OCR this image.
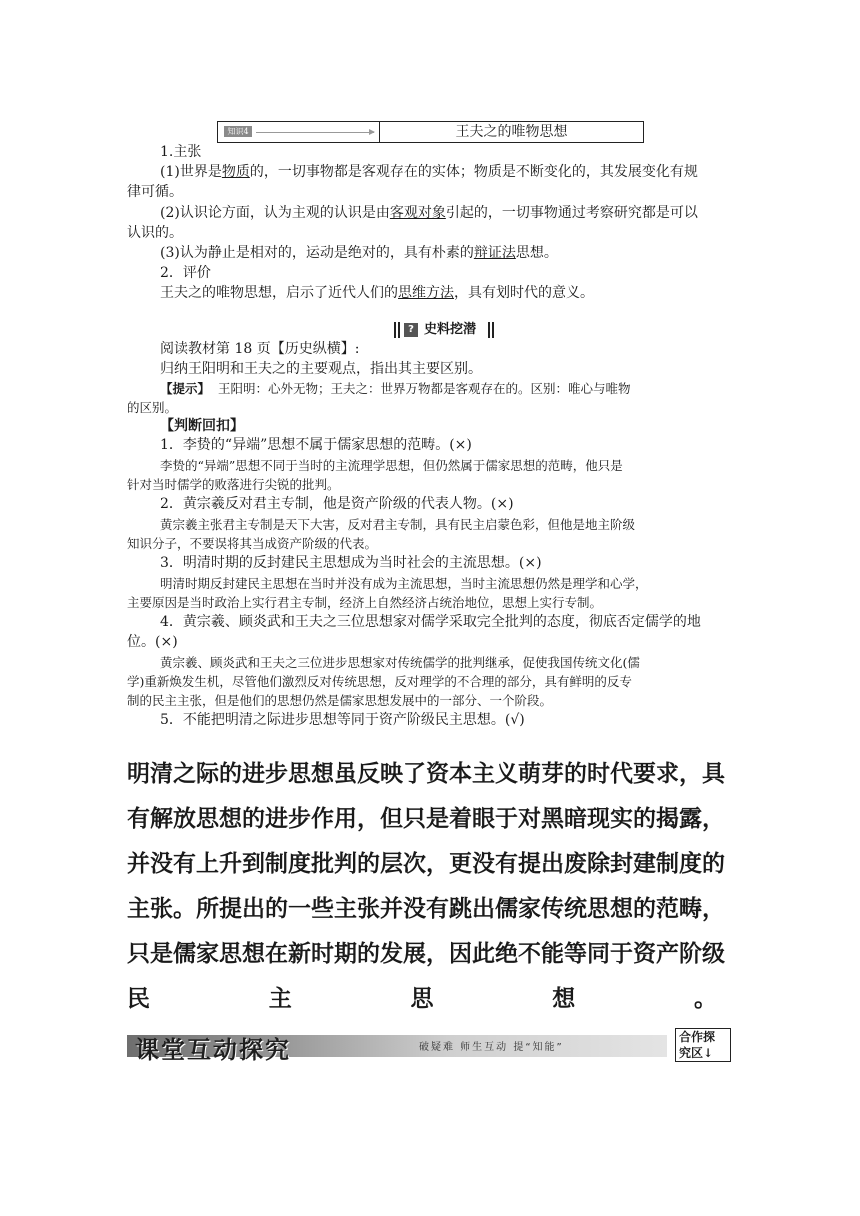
知识4	王夫之的唯物思想
1.主张
(1)世界是物质的，一切事物都是客观存在的实体；物质是不断变化的，其发展变化有规
律可循。
(2)认识论方面，认为主观的认识是由客观对象引起的，一切事物通过考察研究都是可以
认识的。
(3)认为静止是相对的，运动是绝对的，具有朴素的辩证法思想。
2．评价
王夫之的唯物思想，启示了近代人们的思维方法，具有划时代的意义。
? 史料挖潜
阅读教材第 18 页【历史纵横】:
归纳王阳明和王夫之的主要观点，指出其主要区别。
【提示】 王阳明：心外无物；王夫之：世界万物都是客观存在的。区别：唯心与唯物
的区别。
【判断回扣】
1．李贽的“异端”思想不属于儒家思想的范畴。(×)
李贽的“异端”思想不同于当时的主流理学思想，但仍然属于儒家思想的范畴，他只是
针对当时儒学的败落进行尖锐的批判。
2．黄宗羲反对君主专制，他是资产阶级的代表人物。(×)
黄宗羲主张君主专制是天下大害，反对君主专制，具有民主启蒙色彩，但他是地主阶级
知识分子，不要误将其当成资产阶级的代表。
3．明清时期的反封建民主思想成为当时社会的主流思想。(×)
明清时期反封建民主思想在当时并没有成为主流思想，当时主流思想仍然是理学和心学，
主要原因是当时政治上实行君主专制，经济上自然经济占统治地位，思想上实行专制。
4．黄宗羲、顾炎武和王夫之三位思想家对儒学采取完全批判的态度，彻底否定儒学的地
位。(×)
黄宗羲、顾炎武和王夫之三位进步思想家对传统儒学的批判继承，促使我国传统文化(儒
学)重新焕发生机，尽管他们激烈反对传统思想，反对理学的不合理的部分，具有鲜明的反专
制的民主主张，但是他们的思想仍然是儒家思想发展中的一部分、一个阶段。
5．不能把明清之际进步思想等同于资产阶级民主思想。(√)
明清之际的进步思想虽反映了资本主义萌芽的时代要求，具
有解放思想的进步作用，但只是着眼于对黑暗现实的揭露，
并没有上升到制度批判的层次，更没有提出废除封建制度的
主张。所提出的一些主张并没有跳出儒家传统思想的范畴，
只是儒家思想在新时期的发展，因此绝不能等同于资产阶级
民	主	思	想	。
课堂互动探究	破疑难 师生互动 提“知能”
合作探
究区↓
